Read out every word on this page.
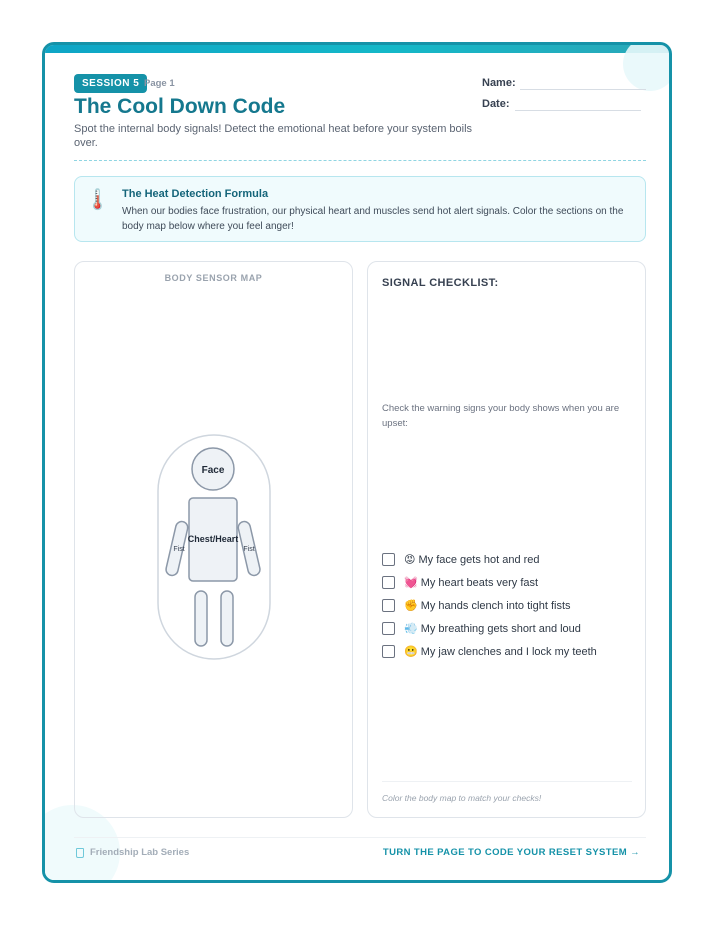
SESSION 5 Page 1
The Cool Down Code
Spot the internal body signals! Detect the emotional heat before your system boils over.
Name:
Date:
🌡️ The Heat Detection Formula
When our bodies face frustration, our physical heart and muscles send hot alert signals. Color the sections on the body map below where you feel anger!
BODY SENSOR MAP
Face
Chest/Heart
Fist	Fist
SIGNAL CHECKLIST:
Check the warning signs your body shows when you are upset:
😡 My face gets hot and red
💓 My heart beats very fast
✊ My hands clench into tight fists
💨 My breathing gets short and loud
😬 My jaw clenches and I lock my teeth
Color the body map to match your checks!
Friendship Lab Series	TURN THE PAGE TO CODE YOUR RESET SYSTEM →
